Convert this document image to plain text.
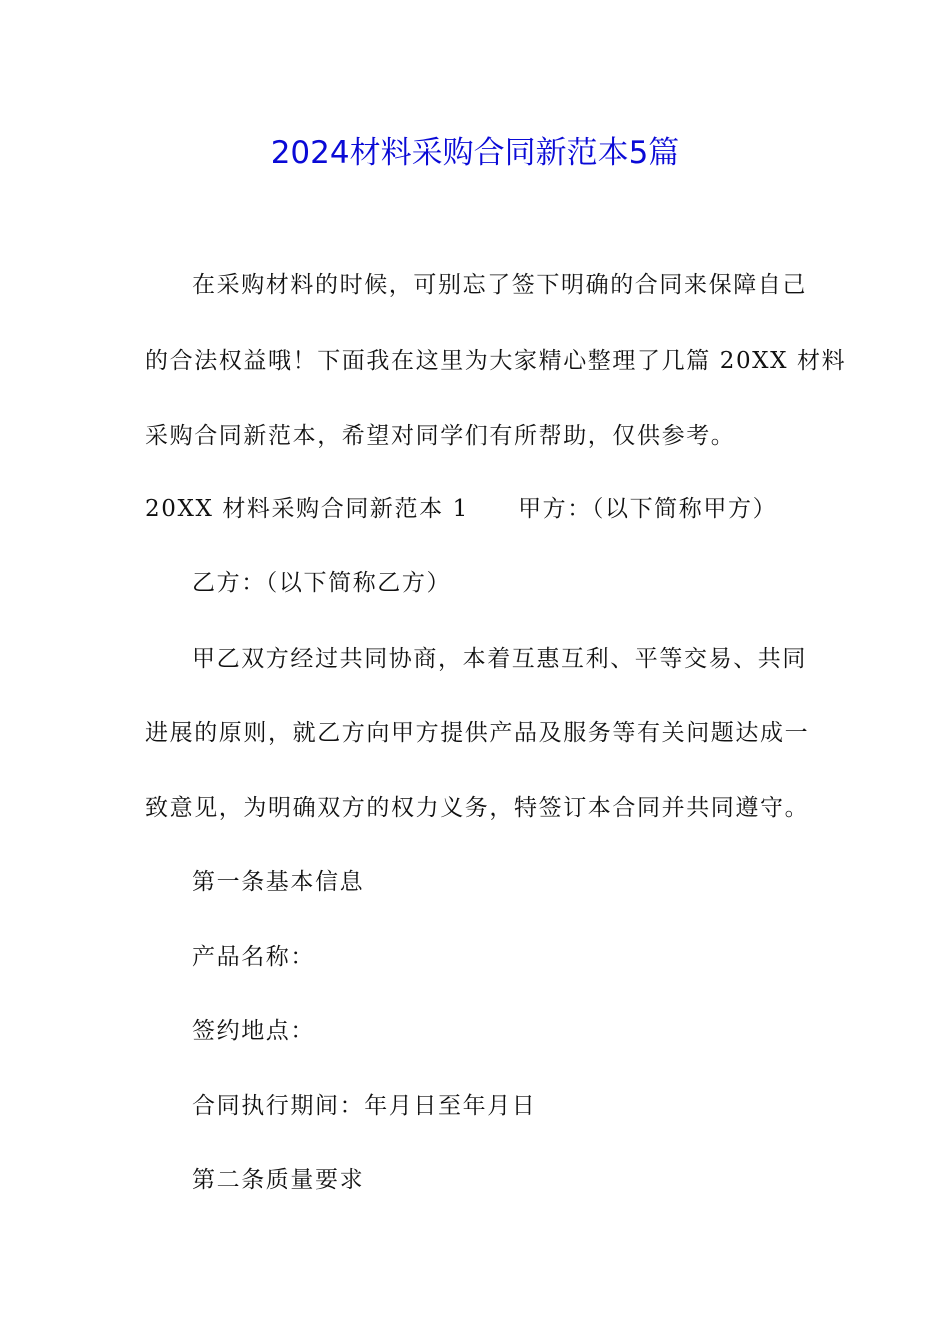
2024材料采购合同新范本5篇
在采购材料的时候，可别忘了签下明确的合同来保障自己
的合法权益哦！下面我在这里为大家精心整理了几篇 20XX 材料
采购合同新范本，希望对同学们有所帮助，仅供参考。
20XX 材料采购合同新范本 1　　甲方：（以下简称甲方）
乙方：（以下简称乙方）
甲乙双方经过共同协商，本着互惠互利、平等交易、共同
进展的原则，就乙方向甲方提供产品及服务等有关问题达成一
致意见，为明确双方的权力义务，特签订本合同并共同遵守。
第一条基本信息
产品名称：
签约地点：
合同执行期间：年月日至年月日
第二条质量要求
